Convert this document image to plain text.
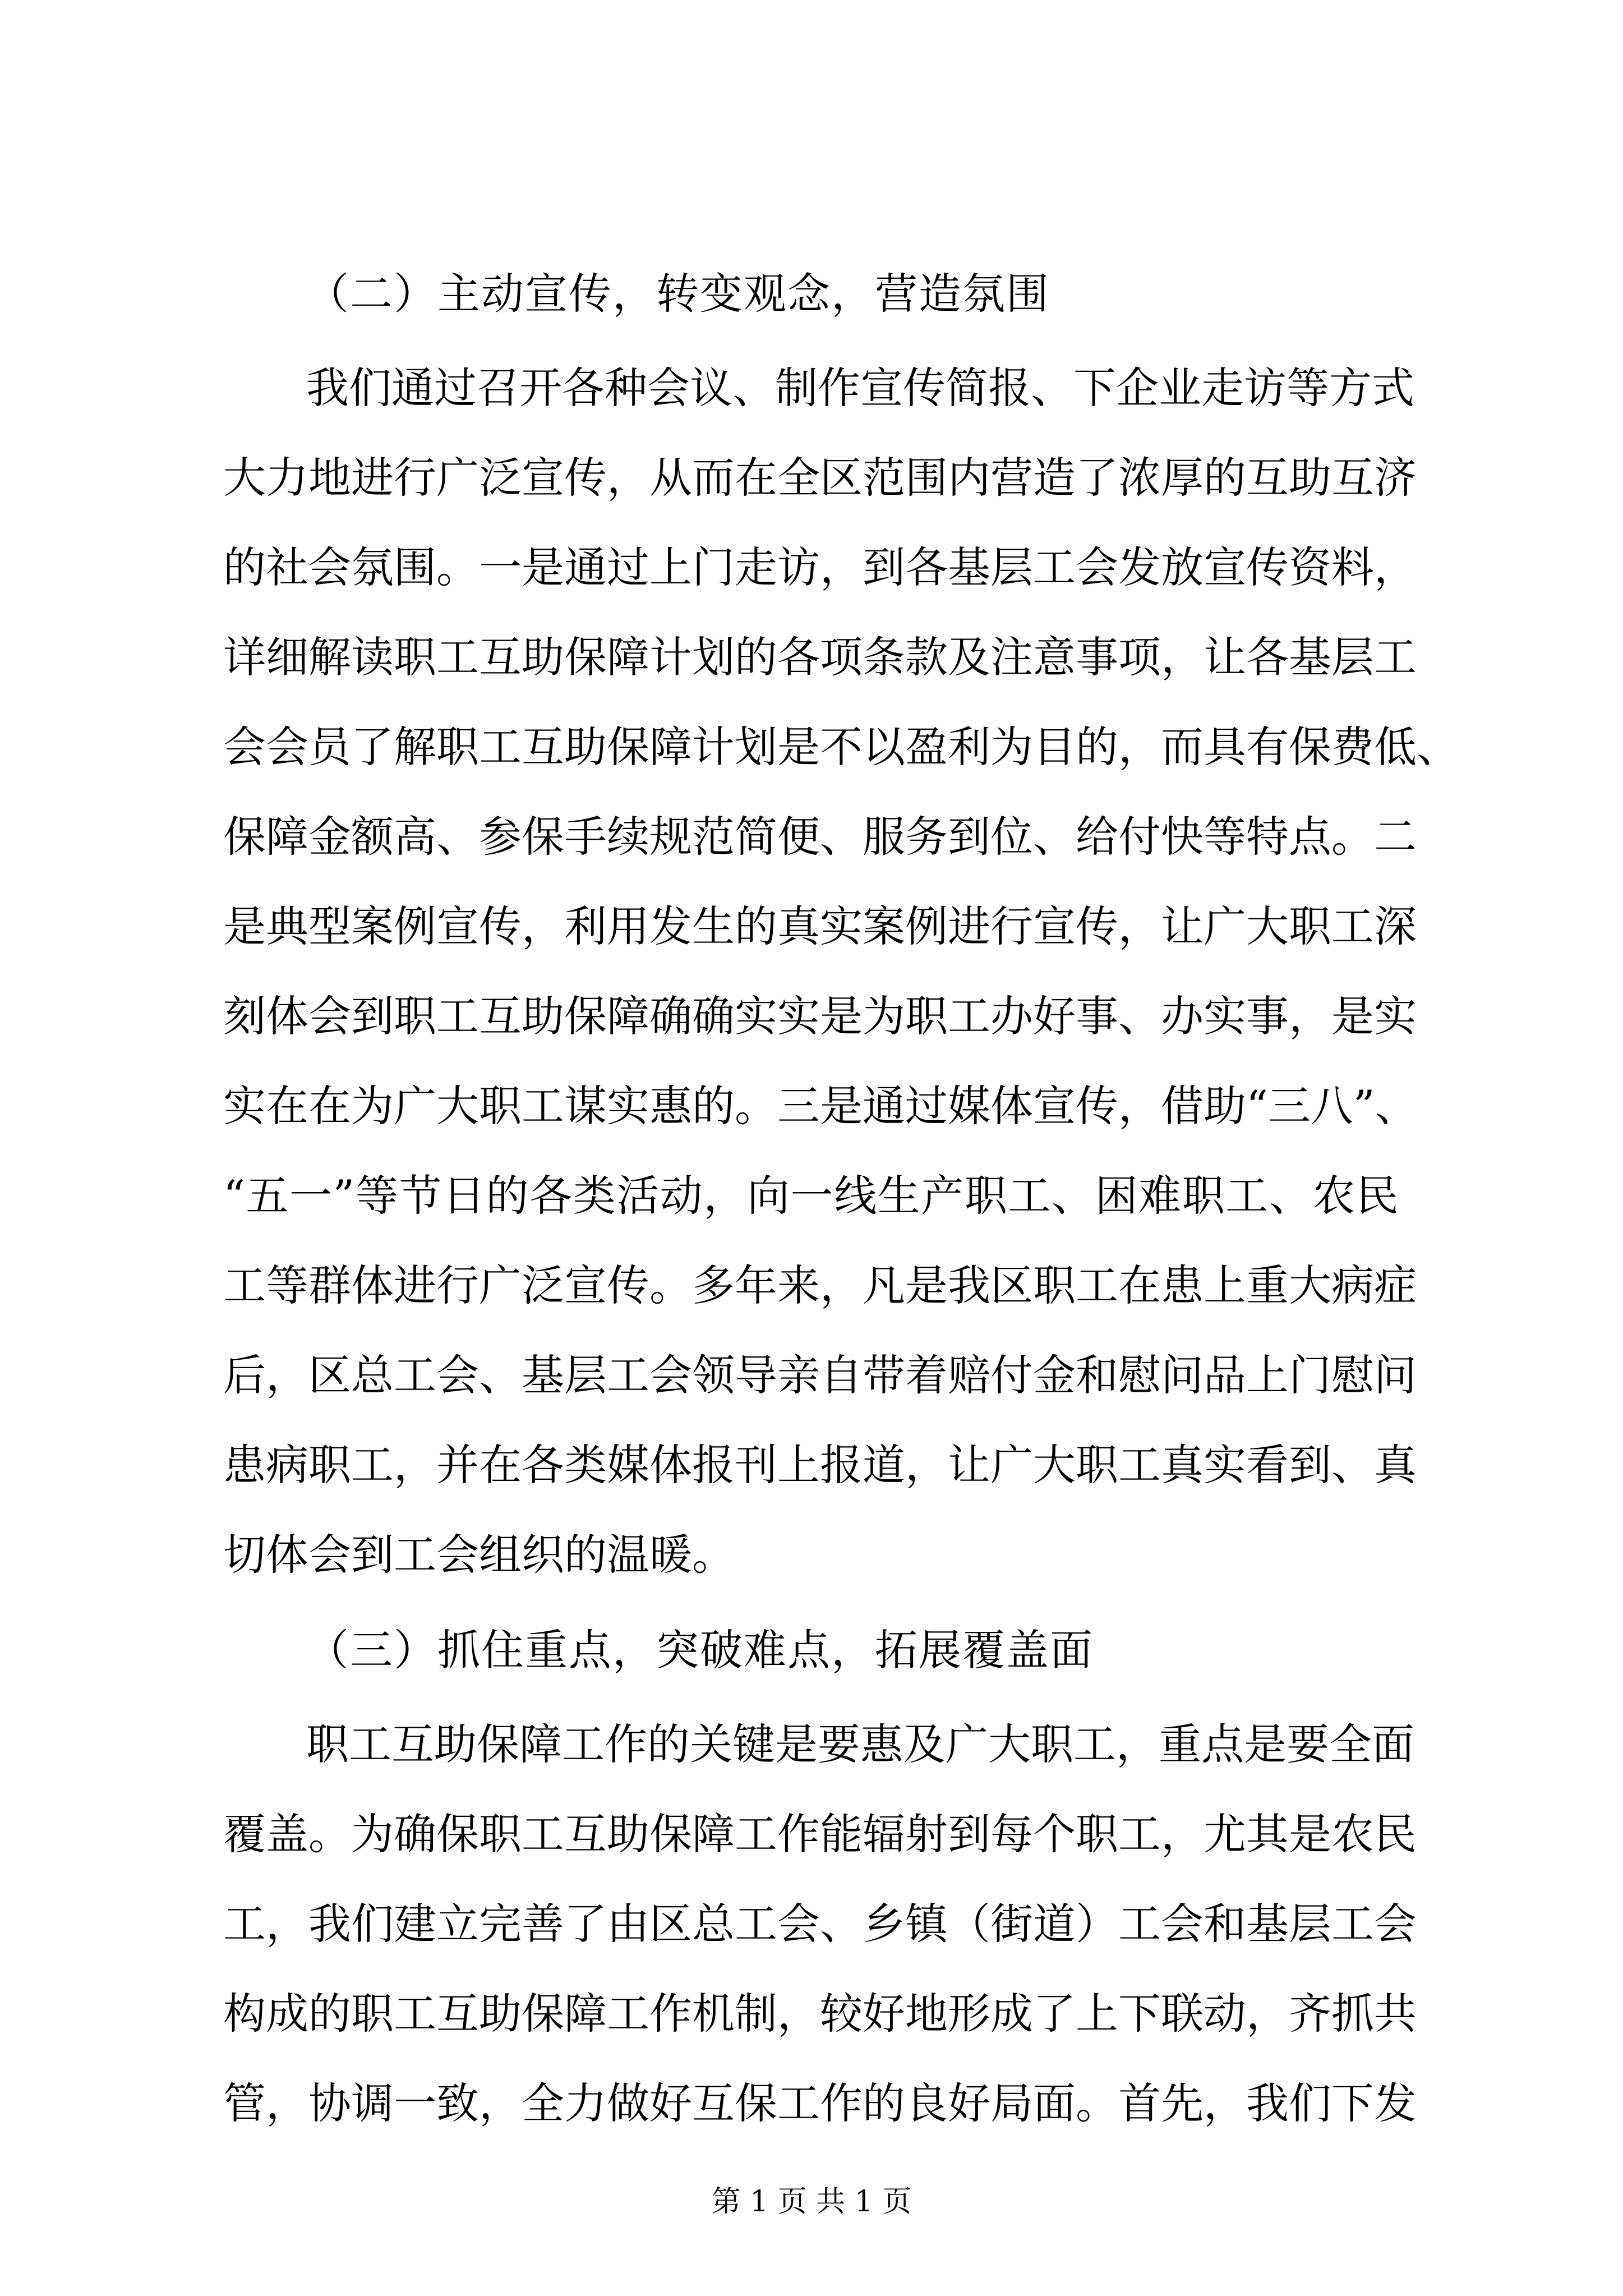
（二）主动宣传，转变观念，营造氛围
我们通过召开各种会议、制作宣传简报、下企业走访等方式
大力地进行广泛宣传，从而在全区范围内营造了浓厚的互助互济
的社会氛围。一是通过上门走访，到各基层工会发放宣传资料，
详细解读职工互助保障计划的各项条款及注意事项，让各基层工
会会员了解职工互助保障计划是不以盈利为目的，而具有保费低、
保障金额高、参保手续规范简便、服务到位、给付快等特点。二
是典型案例宣传，利用发生的真实案例进行宣传，让广大职工深
刻体会到职工互助保障确确实实是为职工办好事、办实事，是实
实在在为广大职工谋实惠的。三是通过媒体宣传，借助“三八”、
“五一”等节日的各类活动，向一线生产职工、困难职工、农民
工等群体进行广泛宣传。多年来，凡是我区职工在患上重大病症
后，区总工会、基层工会领导亲自带着赔付金和慰问品上门慰问
患病职工，并在各类媒体报刊上报道，让广大职工真实看到、真
切体会到工会组织的温暖。
（三）抓住重点，突破难点，拓展覆盖面
职工互助保障工作的关键是要惠及广大职工，重点是要全面
覆盖。为确保职工互助保障工作能辐射到每个职工，尤其是农民
工，我们建立完善了由区总工会、乡镇（街道）工会和基层工会
构成的职工互助保障工作机制，较好地形成了上下联动，齐抓共
管，协调一致，全力做好互保工作的良好局面。首先，我们下发
第 1 页 共 1 页
